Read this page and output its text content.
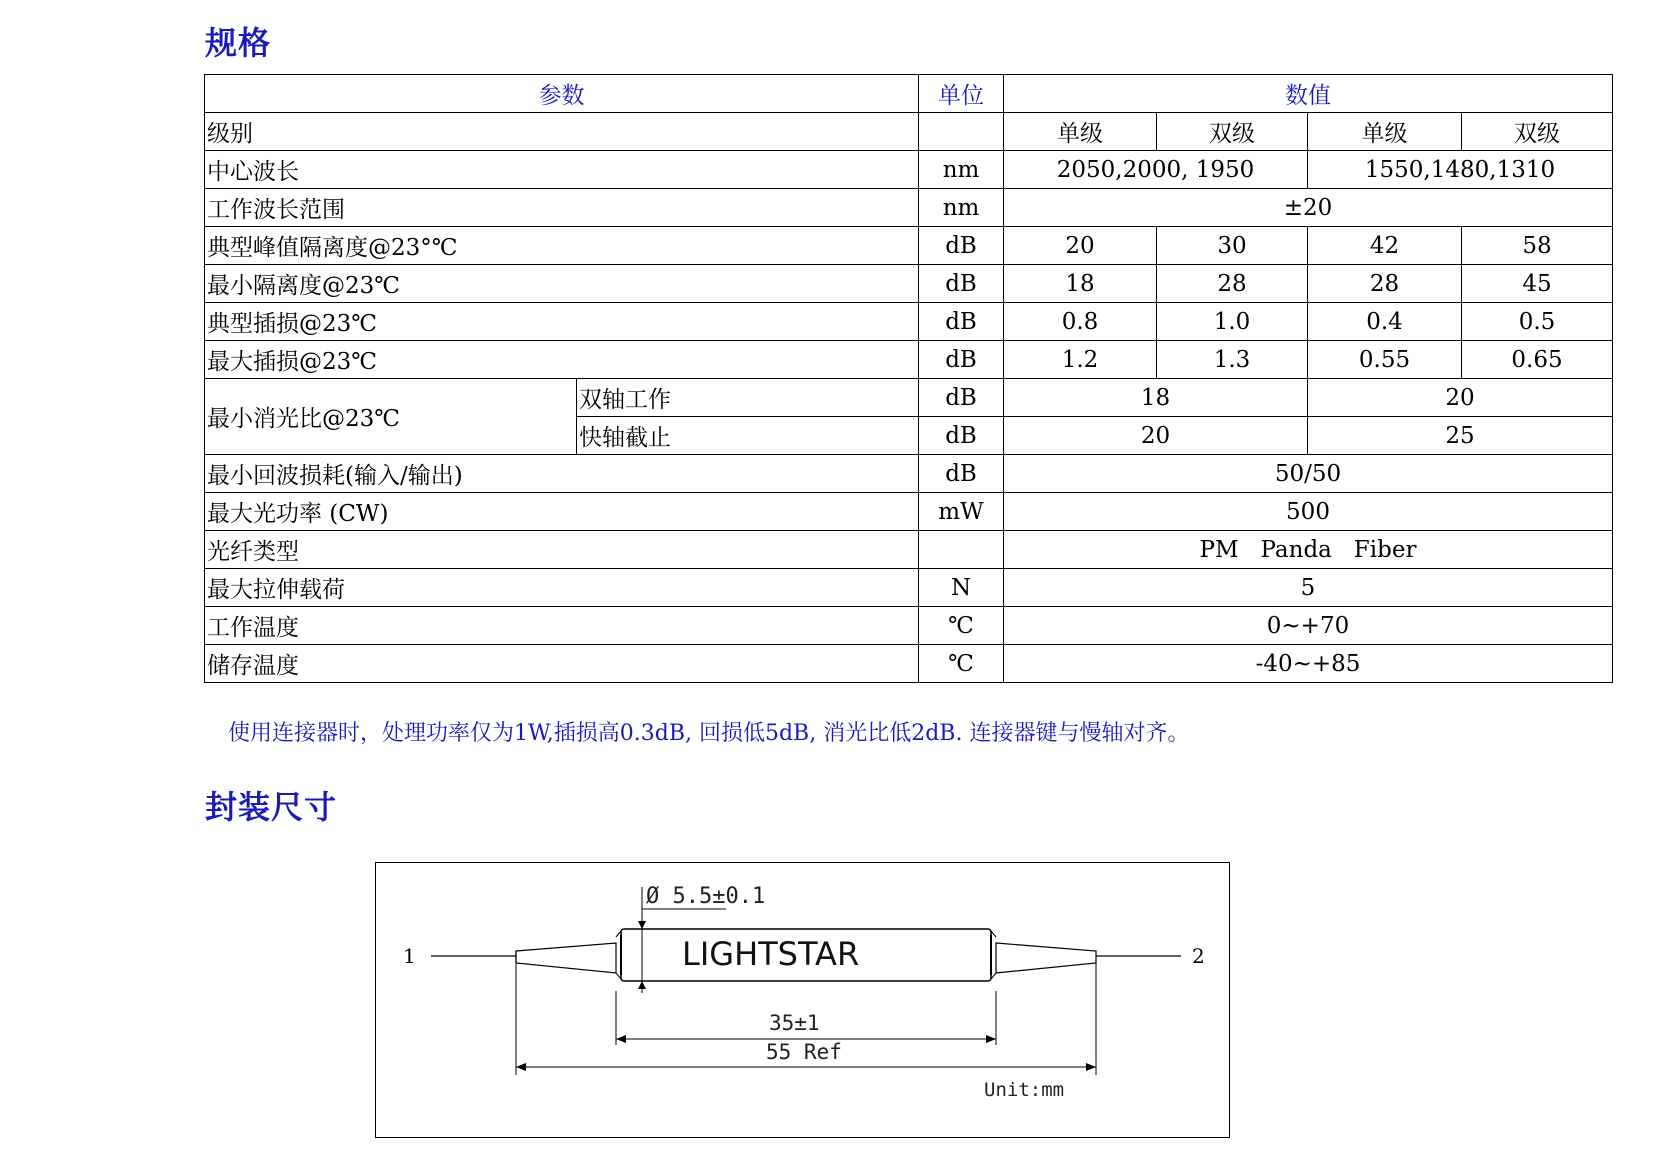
规格
参数		单位	数值			
级别			单级	双级	单级	双级
中心波长		nm	2050,2000, 1950		1550,1480,1310	
工作波长范围		nm	±20			
典型峰值隔离度@23°℃		dB	20	30	42	58
最小隔离度@23℃		dB	18	28	28	45
典型插损@23℃		dB	0.8	1.0	0.4	0.5
最大插损@23℃		dB	1.2	1.3	0.55	0.65
最小消光比@23℃	双轴工作	dB	18		20	
	快轴截止	dB	20		25	
最小回波损耗(输入/输出)		dB	50/50			
最大光功率 (CW)		mW	500			
光纤类型			PM   Panda   Fiber			
最大拉伸载荷		N	5			
工作温度		℃	0~+70			
储存温度		℃	-40~+85			
使用连接器时，处理功率仅为1W,插损高0.3dB, 回损低5dB, 消光比低2dB. 连接器键与慢轴对齐。
封装尺寸
Ø 5.5±0.1
LIGHTSTAR
1	2
35±1
55 Ref
Unit:mm
